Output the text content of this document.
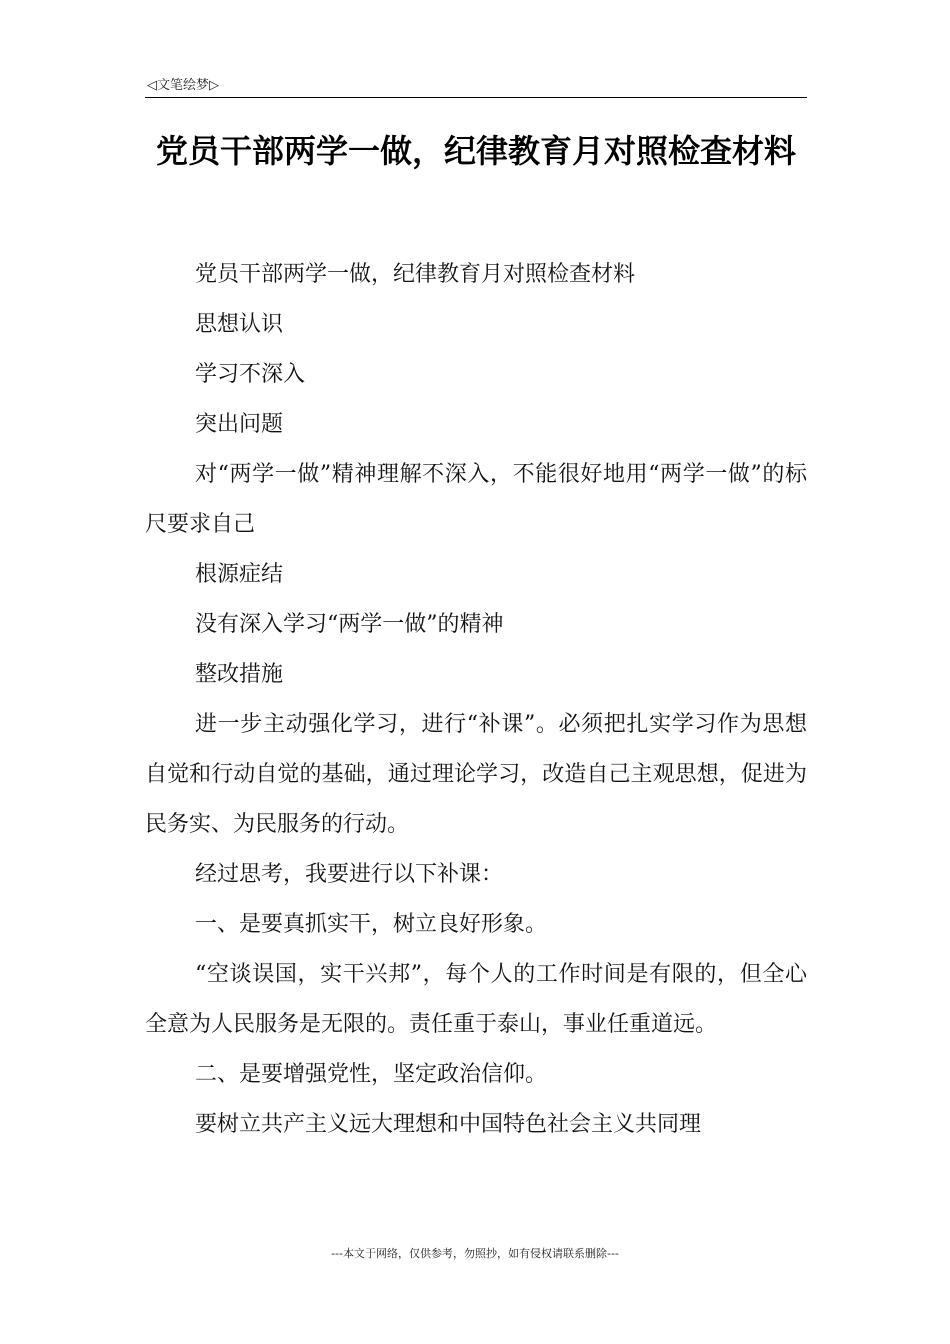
◁文笔绘梦▷
党员干部两学一做，纪律教育月对照检查材料

党员干部两学一做，纪律教育月对照检查材料

思想认识

学习不深入

突出问题

对“两学一做”精神理解不深入，不能很好地用“两学一做”的标尺要求自己

根源症结

没有深入学习“两学一做”的精神

整改措施

进一步主动强化学习，进行“补课”。必须把扎实学习作为思想自觉和行动自觉的基础，通过理论学习，改造自己主观思想，促进为民务实、为民服务的行动。

经过思考，我要进行以下补课：

一、是要真抓实干，树立良好形象。

“空谈误国，实干兴邦”，每个人的工作时间是有限的，但全心全意为人民服务是无限的。责任重于泰山，事业任重道远。

二、是要增强党性，坚定政治信仰。

要树立共产主义远大理想和中国特色社会主义共同理

---本文于网络，仅供参考，勿照抄，如有侵权请联系删除---
